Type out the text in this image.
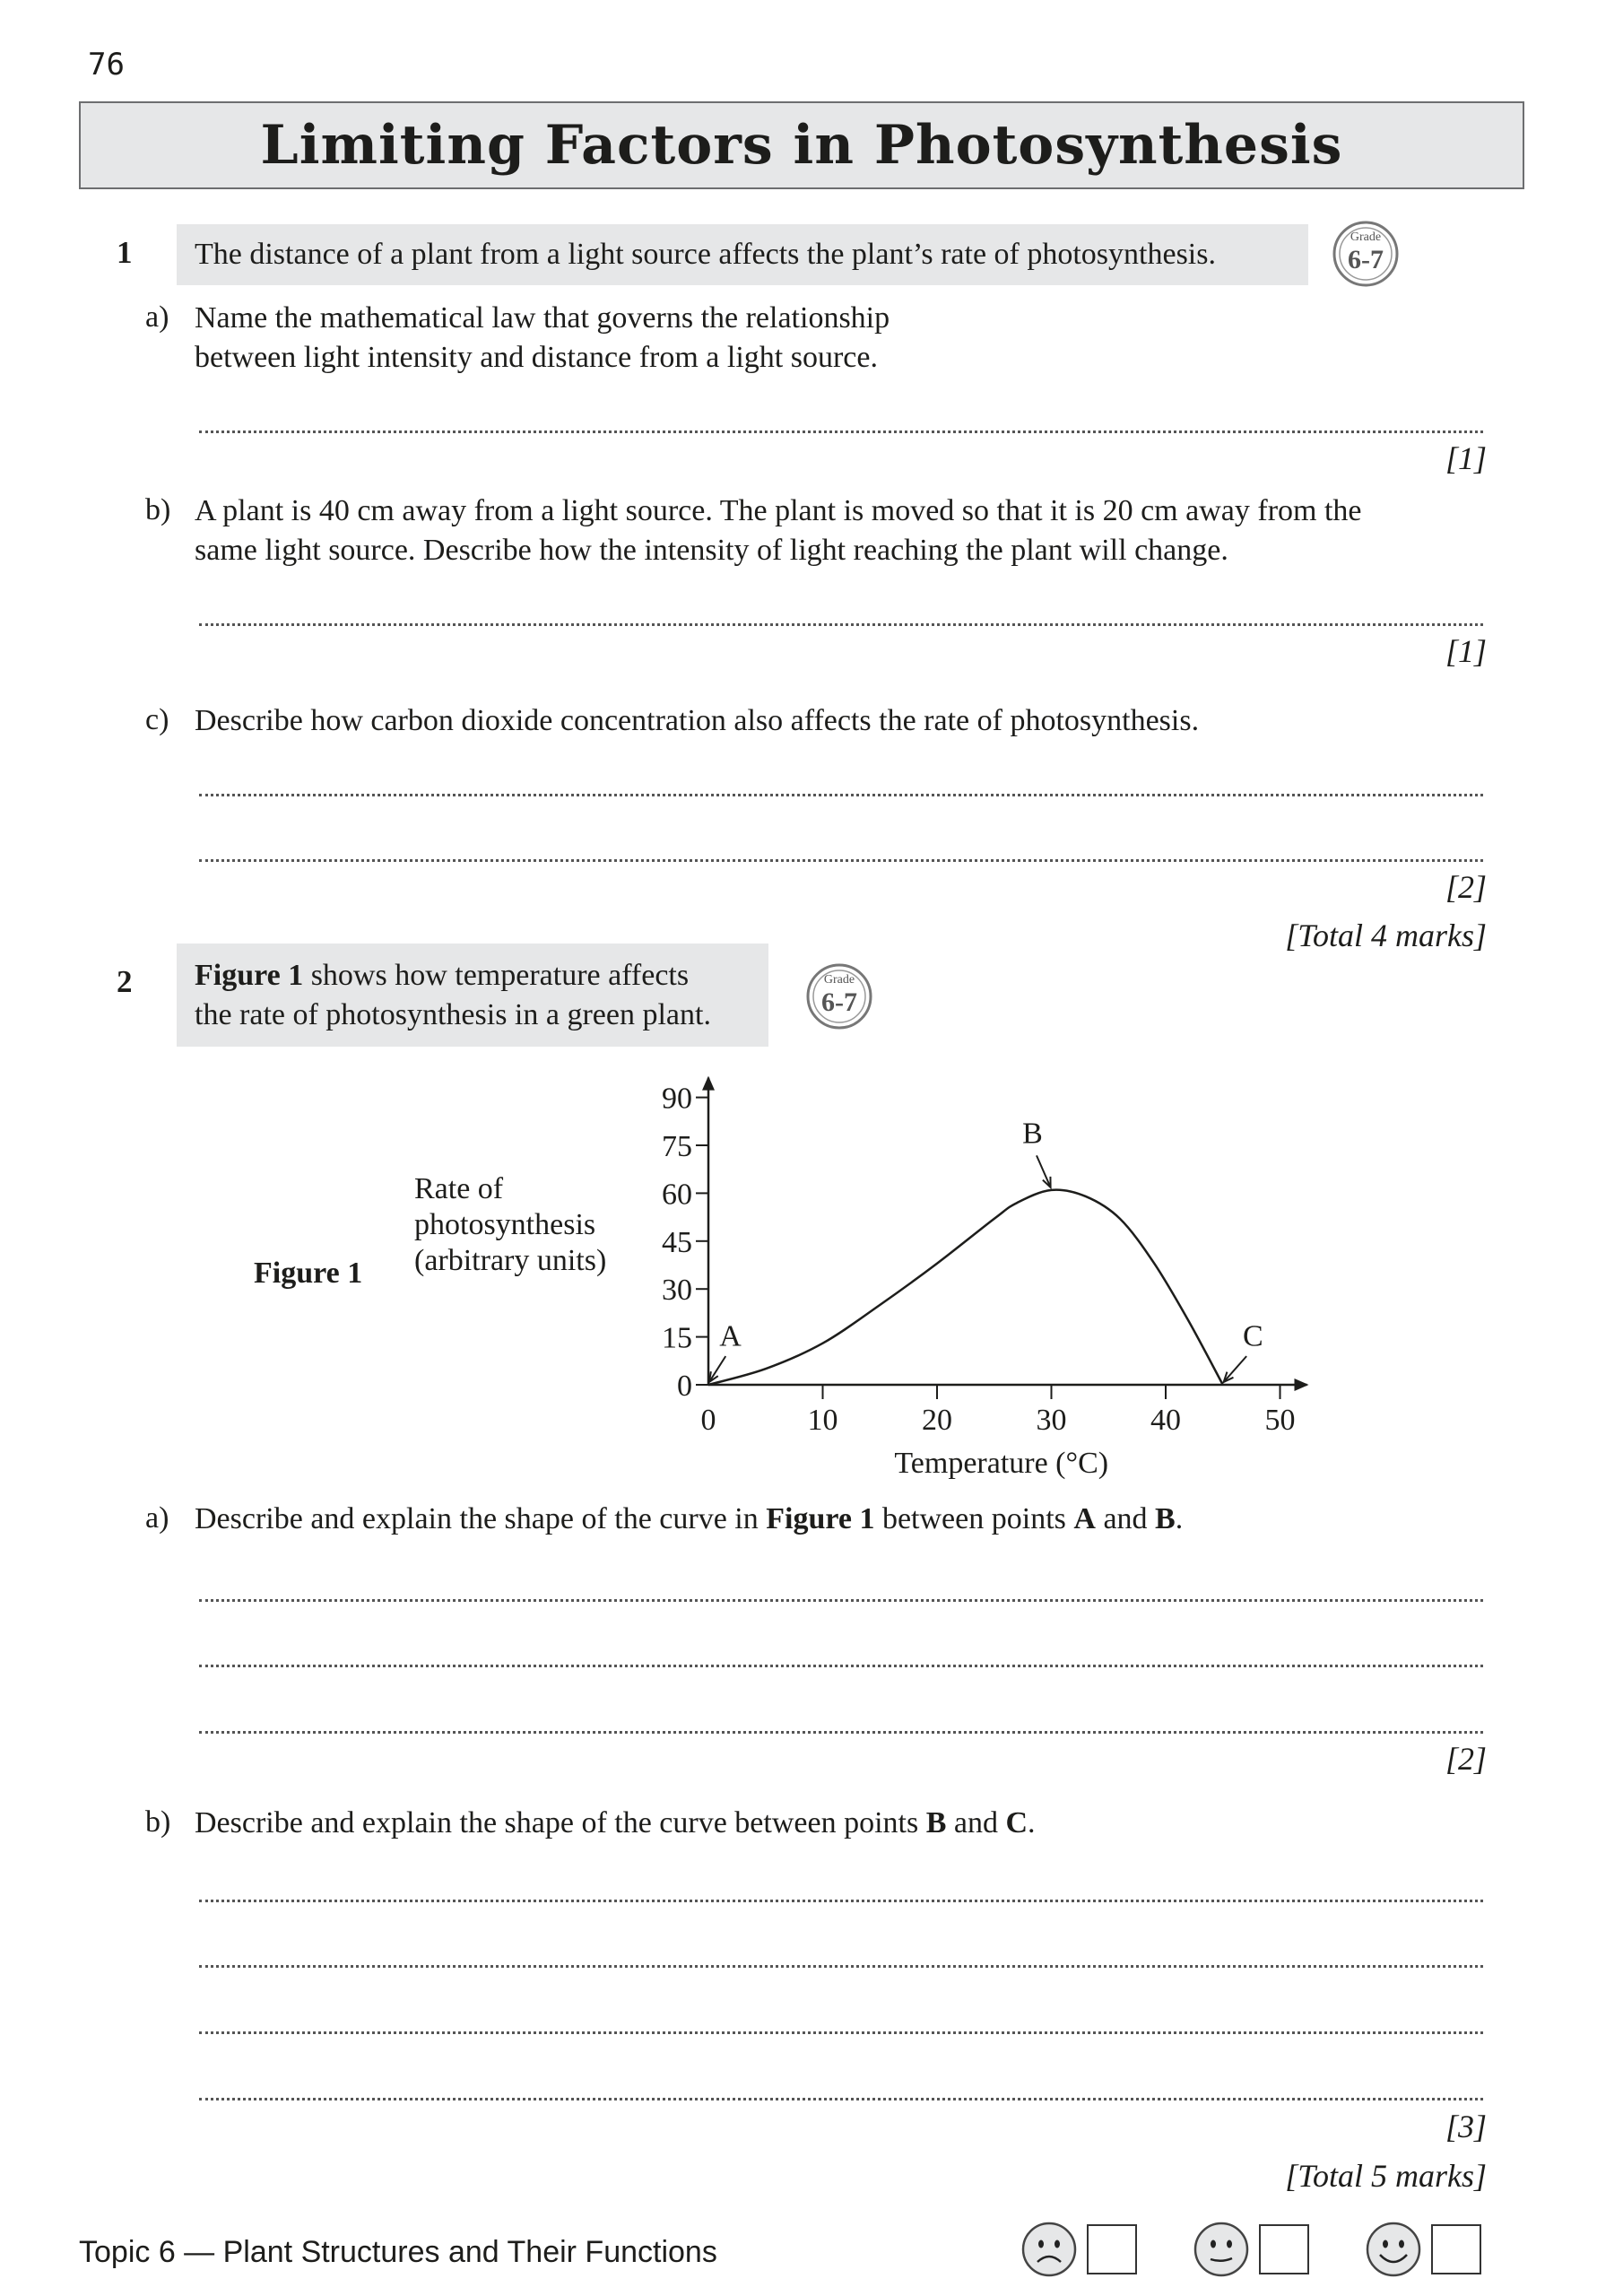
76
Limiting Factors in Photosynthesis
1	The distance of a plant from a light source affects the plant’s rate of photosynthesis.
Grade
6-7
a) Name the mathematical law that governs the relationship
between light intensity and distance from a light source.
[1]
b) A plant is 40 cm away from a light source. The plant is moved so that it is 20 cm away from the
same light source. Describe how the intensity of light reaching the plant will change.
[1]
c) Describe how carbon dioxide concentration also affects the rate of photosynthesis.
[2]
[Total 4 marks]
2 Figure 1 shows how temperature affects
the rate of photosynthesis in a green plant.
Grade
6-7
Figure 1
Rate of
photosynthesis
(arbitrary units)
0
15
30
45
60
75
90
0	10	20	30	40	50
A
B
C
Temperature (°C)
a) Describe and explain the shape of the curve in Figure 1 between points A and B.
[2]
b) Describe and explain the shape of the curve between points B and C.
[3]
[Total 5 marks]
Topic 6 — Plant Structures and Their Functions
